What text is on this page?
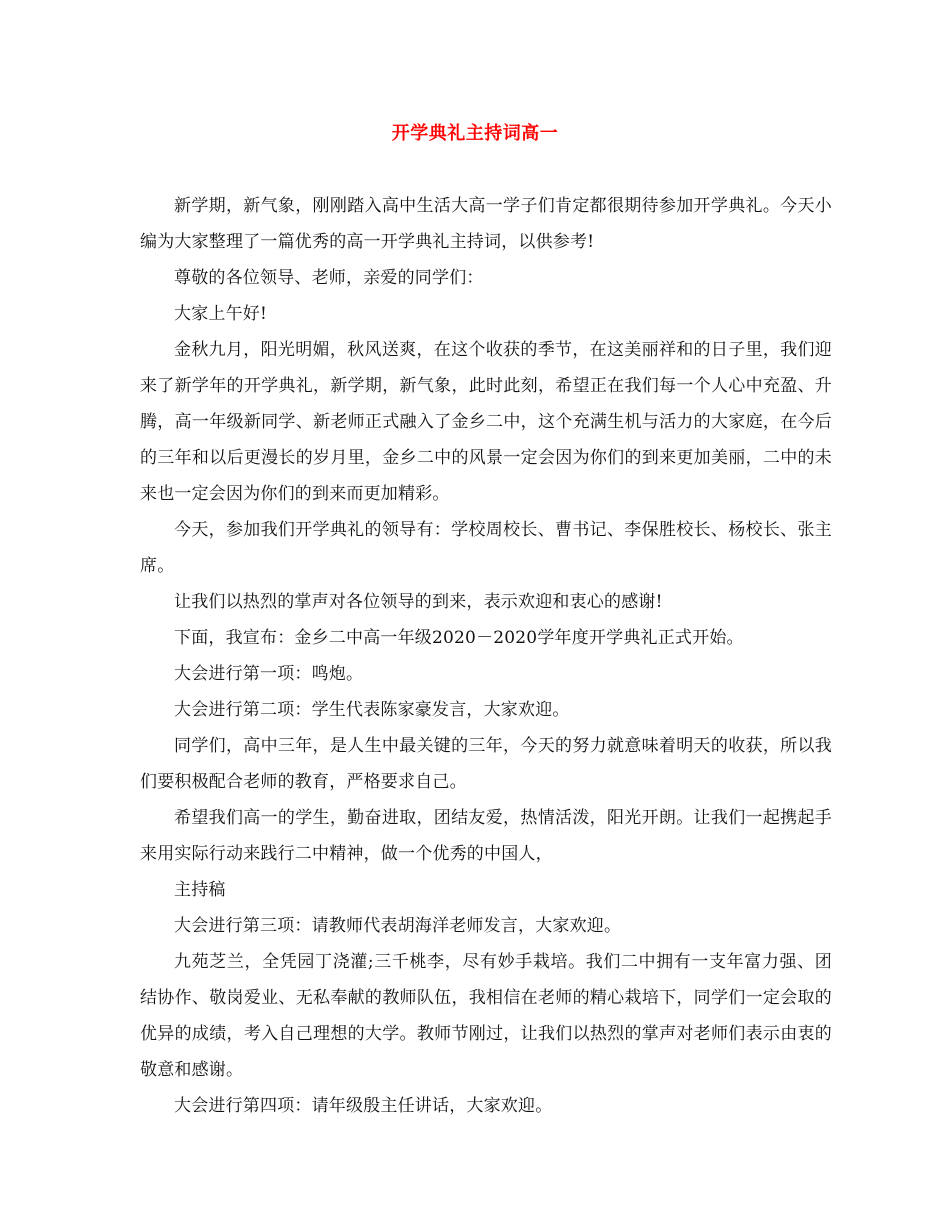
开学典礼主持词高一

新学期，新气象，刚刚踏入高中生活大高一学子们肯定都很期待参加开学典礼。今天小编为大家整理了一篇优秀的高一开学典礼主持词，以供参考!

尊敬的各位领导、老师，亲爱的同学们：

大家上午好!

金秋九月，阳光明媚，秋风送爽，在这个收获的季节，在这美丽祥和的日子里，我们迎来了新学年的开学典礼，新学期，新气象，此时此刻，希望正在我们每一个人心中充盈、升腾，高一年级新同学、新老师正式融入了金乡二中，这个充满生机与活力的大家庭，在今后的三年和以后更漫长的岁月里，金乡二中的风景一定会因为你们的到来更加美丽，二中的未来也一定会因为你们的到来而更加精彩。

今天，参加我们开学典礼的领导有：学校周校长、曹书记、李保胜校长、杨校长、张主席。

让我们以热烈的掌声对各位领导的到来，表示欢迎和衷心的感谢!

下面，我宣布：金乡二中高一年级2020－2020学年度开学典礼正式开始。

大会进行第一项：鸣炮。

大会进行第二项：学生代表陈家豪发言，大家欢迎。

同学们，高中三年，是人生中最关键的三年，今天的努力就意味着明天的收获，所以我们要积极配合老师的教育，严格要求自己。

希望我们高一的学生，勤奋进取，团结友爱，热情活泼，阳光开朗。让我们一起携起手来用实际行动来践行二中精神，做一个优秀的中国人，

主持稿

大会进行第三项：请教师代表胡海洋老师发言，大家欢迎。

九苑芝兰，全凭园丁浇灌;三千桃李，尽有妙手栽培。我们二中拥有一支年富力强、团结协作、敬岗爱业、无私奉献的教师队伍，我相信在老师的精心栽培下，同学们一定会取的优异的成绩，考入自己理想的大学。教师节刚过，让我们以热烈的掌声对老师们表示由衷的敬意和感谢。

大会进行第四项：请年级殷主任讲话，大家欢迎。
